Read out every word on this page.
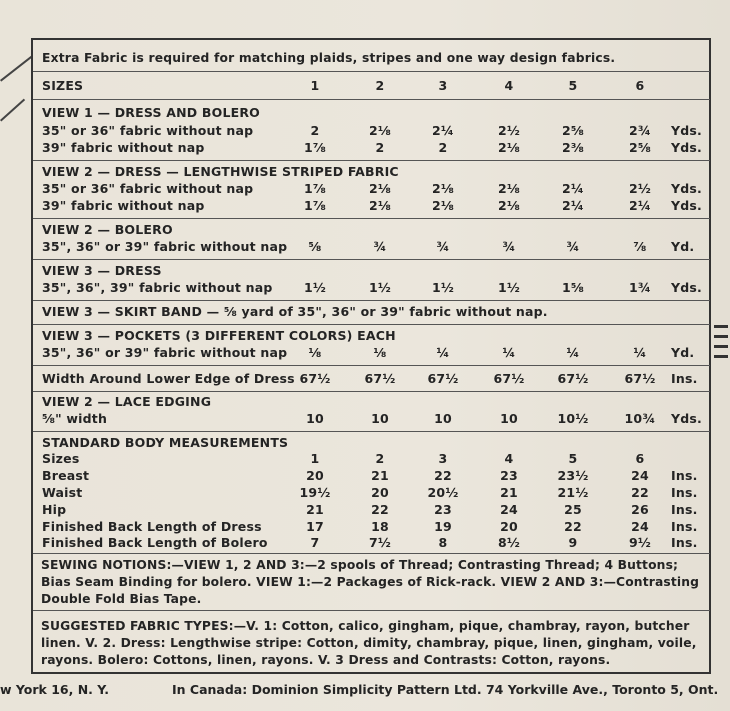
Extra Fabric is required for matching plaids, stripes and one way design fabrics.
SIZES	1	2	3	4	5	6
VIEW 1 — DRESS AND BOLERO
35" or 36" fabric without nap	2	2⅛	2¼	2½	2⅝	2¾	Yds.
39" fabric without nap	1⅞	2	2	2⅛	2⅜	2⅝	Yds.
VIEW 2 — DRESS — LENGTHWISE STRIPED FABRIC
35" or 36" fabric without nap	1⅞	2⅛	2⅛	2⅛	2¼	2½	Yds.
39" fabric without nap	1⅞	2⅛	2⅛	2⅛	2¼	2¼	Yds.
VIEW 2 — BOLERO
35", 36" or 39" fabric without nap	⅝	¾	¾	¾	¾	⅞	Yd.
VIEW 3 — DRESS
35", 36", 39" fabric without nap	1½	1½	1½	1½	1⅝	1¾	Yds.
VIEW 3 — SKIRT BAND — ⅝ yard of 35", 36" or 39" fabric without nap.
VIEW 3 — POCKETS (3 DIFFERENT COLORS) EACH
35", 36" or 39" fabric without nap	⅛	⅛	¼	¼	¼	¼	Yd.
Width Around Lower Edge of Dress 67½	67½	67½	67½	67½	67½	Ins.
VIEW 2 — LACE EDGING
⅝" width	10	10	10	10	10½	10¾	Yds.
STANDARD BODY MEASUREMENTS
Sizes	1	2	3	4	5	6
Breast	20	21	22	23	23½	24	Ins.
Waist	19½	20	20½	21	21½	22	Ins.
Hip	21	22	23	24	25	26	Ins.
Finished Back Length of Dress	17	18	19	20	22	24	Ins.
Finished Back Length of Bolero	7	7½	8	8½	9	9½	Ins.
SEWING NOTIONS:—VIEW 1, 2 AND 3:—2 spools of Thread; Contrasting Thread; 4 Buttons; Bias Seam Binding for bolero. VIEW 1:—2 Packages of Rick-rack. VIEW 2 AND 3:—Contrasting Double Fold Bias Tape.
SUGGESTED FABRIC TYPES:—V. 1: Cotton, calico, gingham, pique, chambray, rayon, butcher linen. V. 2. Dress: Lengthwise stripe: Cotton, dimity, chambray, pique, linen, gingham, voile, rayons. Bolero: Cottons, linen, rayons. V. 3 Dress and Contrasts: Cotton, rayons.
w York 16, N. Y.	In Canada: Dominion Simplicity Pattern Ltd. 74 Yorkville Ave., Toronto 5, Ont.
